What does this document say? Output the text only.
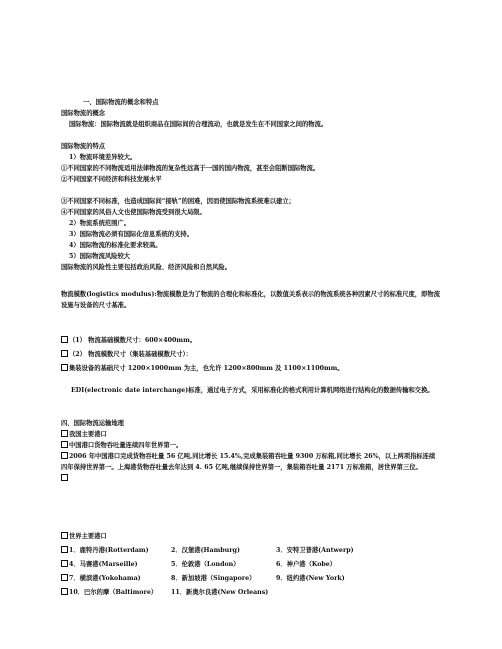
一、国际物流的概念和特点
国际物流的概念
国际物流：国际物流就是组织商品在国际间的合理流动，也就是发生在不同国家之间的物流。
国际物流的特点
1）物流环境差异较大。
①不同国家的不同物流适用法律物流的复杂性远高于一国的国内物流，甚至会阻断国际物流。
②不同国家不同经济和科技发展水平
③不同国家不同标准，也造成国际间“接轨”的困难，因而使国际物流系统难以建立；
④不同国家的风俗人文也使国际物流受到很大局限。
2）物流系统范围广。
3）国际物流必须有国际化信息系统的支持。
4）国际物流的标准化要求较高。
5）国际物流风险较大
国际物流的风险性主要包括政治风险、经济风险和自然风险。
物流模数(logistics modulus):物流模数是为了物流的合理化和标准化，以数值关系表示的物流系统各种因素尺寸的标准尺度，即物流设施与设备的尺寸基准。
（1） 物流基础模数尺寸：600×400mm。
（2） 物流模数尺寸（集装基础模数尺寸）：
集装设备的基础尺寸 1200×1000mm 为主，也允许 1200×800mm 及 1100×1100mm。
EDI(electronic date interchange)标准，通过电子方式，采用标准化的格式利用计算机网络进行结构化的数据传输和交换。
四、国际物流运输地理
我国主要港口
中国港口货物吞吐量连续四年世界第一。
2006 年中国港口完成货物吞吐量 56 亿吨,同比增长 15.4%,完成集装箱吞吐量 9300 万标箱,同比增长 26%，以上两项指标连续四年保持世界第一。上海港货物吞吐量去年达到 4. 65 亿吨,继续保持世界第一，集装箱吞吐量 2171 万标准箱，居世界第三位。
世界主要港口
1．鹿特丹港(Rotterdam)	2．汉堡港(Hamburg)	3．安特卫普港(Antwerp)
4．马赛港(Marseille)	5．伦敦港（London）	6．神户港（Kobe）
7．横滨港(Yokohama)	8．新加坡港（Singapore）	9．纽约港(New York)
10．巴尔的摩（Baltimore）	11．新奥尔良港(New Orleans)
